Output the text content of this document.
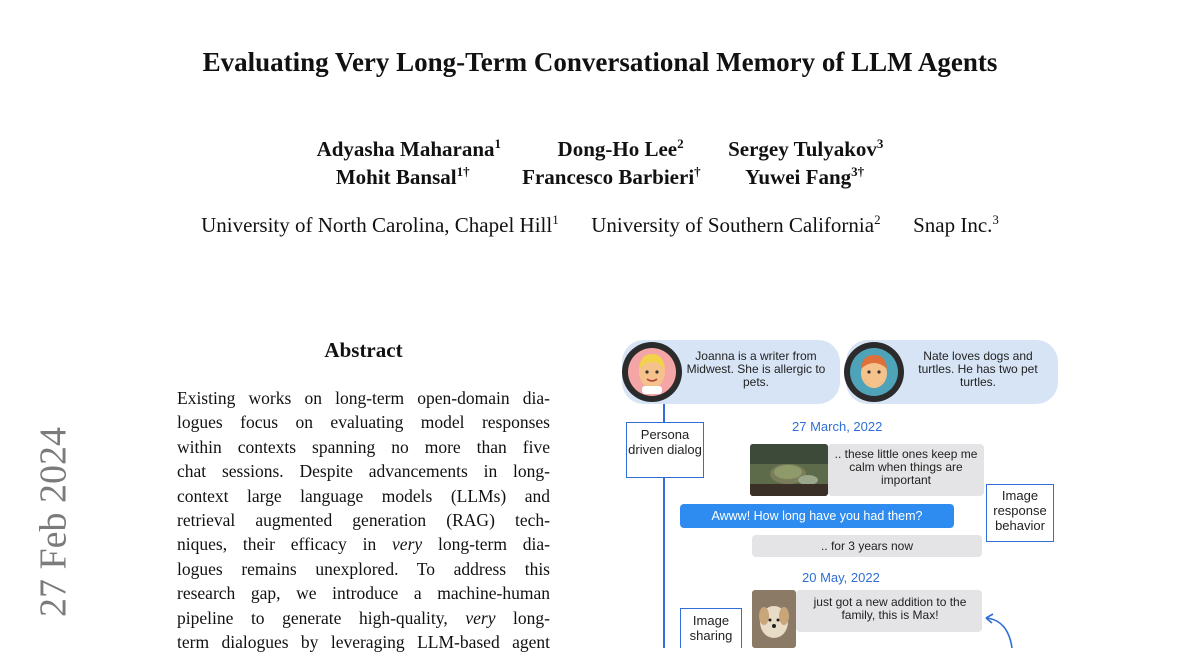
Evaluating Very Long-Term Conversational Memory of LLM Agents
Adyasha Maharana$^1$	Dong-Ho Lee$^2$ Sergey Tulyakov$^3$
Mohit Bansal$^{1\dagger}$	Francesco Barbieri† Yuwei Fang$^{3\dagger}$
University of North Carolina, Chapel Hill$^1$ University of Southern California$^2$ Snap Inc.$^3$
27 Feb 2024
Abstract
Existing works on long-term open-domain dia-
logues focus on evaluating model responses
within contexts spanning no more than five
chat sessions. Despite advancements in long-
context large language models (LLMs) and
retrieval augmented generation (RAG) tech-
niques, their efficacy in very long-term dia-
logues remains unexplored. To address this
research gap, we introduce a machine-human
pipeline to generate high-quality, very long-
term dialogues by leveraging LLM-based agent
Joanna is a writer from Midwest. She is allergic to pets.
Nate loves dogs and turtles. He has two pet turtles.
Persona driven dialog
27 March, 2022
.. these little ones keep me calm when things are important
Image response behavior
Awww! How long have you had them?
.. for 3 years now
20 May, 2022
just got a new addition to the family, this is Max!
Image sharing
